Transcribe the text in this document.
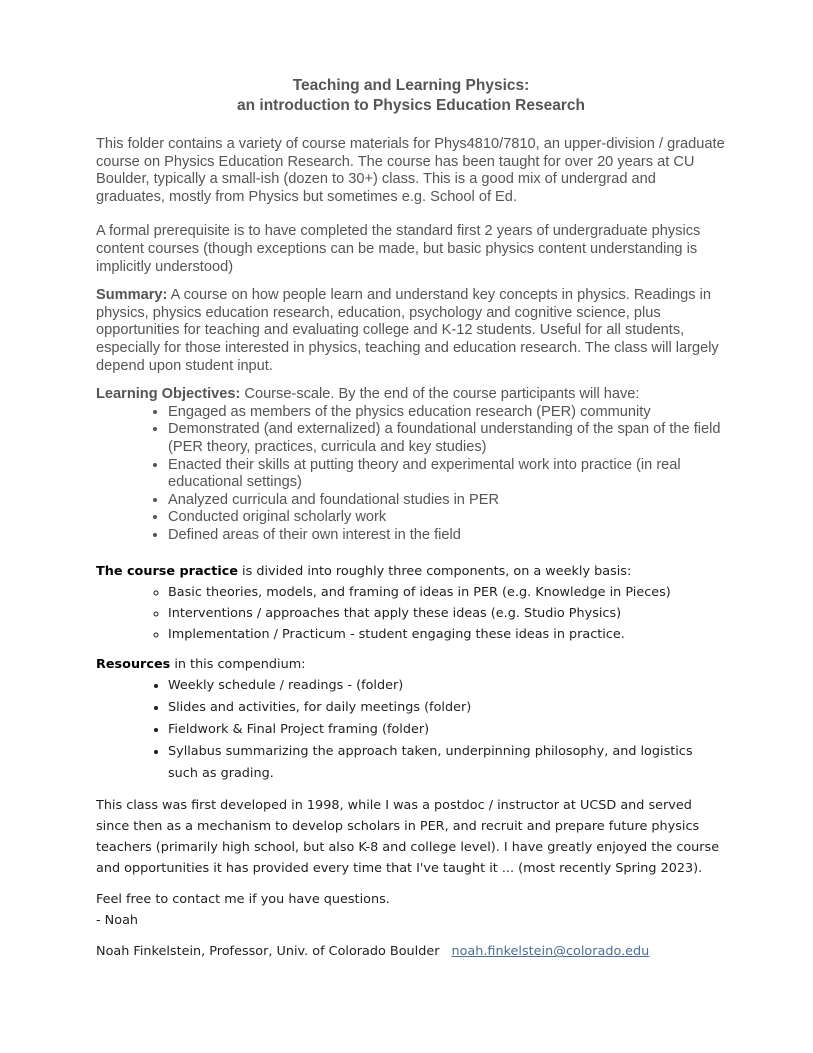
Teaching and Learning Physics:
an introduction to Physics Education Research

This folder contains a variety of course materials for Phys4810/7810, an upper-division / graduate course on Physics Education Research. The course has been taught for over 20 years at CU Boulder, typically a small-ish (dozen to 30+) class. This is a good mix of undergrad and graduates, mostly from Physics but sometimes e.g. School of Ed.

A formal prerequisite is to have completed the standard first 2 years of undergraduate physics content courses (though exceptions can be made, but basic physics content understanding is implicitly understood)

Summary: A course on how people learn and understand key concepts in physics. Readings in physics, physics education research, education, psychology and cognitive science, plus opportunities for teaching and evaluating college and K-12 students. Useful for all students, especially for those interested in physics, teaching and education research. The class will largely depend upon student input.

Learning Objectives: Course-scale. By the end of the course participants will have:

• Engaged as members of the physics education research (PER) community
• Demonstrated (and externalized) a foundational understanding of the span of the field (PER theory, practices, curricula and key studies)
• Enacted their skills at putting theory and experimental work into practice (in real educational settings)
• Analyzed curricula and foundational studies in PER
• Conducted original scholarly work
• Defined areas of their own interest in the field

The course practice is divided into roughly three components, on a weekly basis:

◦ Basic theories, models, and framing of ideas in PER (e.g. Knowledge in Pieces)
◦ Interventions / approaches that apply these ideas (e.g. Studio Physics)
◦ Implementation / Practicum - student engaging these ideas in practice.

Resources in this compendium:

• Weekly schedule / readings - (folder)
• Slides and activities, for daily meetings (folder)
• Fieldwork & Final Project framing (folder)
• Syllabus summarizing the approach taken, underpinning philosophy, and logistics such as grading.

This class was first developed in 1998, while I was a postdoc / instructor at UCSD and served since then as a mechanism to develop scholars in PER, and recruit and prepare future physics teachers (primarily high school, but also K-8 and college level). I have greatly enjoyed the course and opportunities it has provided every time that I've taught it ... (most recently Spring 2023).

Feel free to contact me if you have questions.
- Noah

Noah Finkelstein, Professor, Univ. of Colorado Boulder noah.finkelstein@colorado.edu
